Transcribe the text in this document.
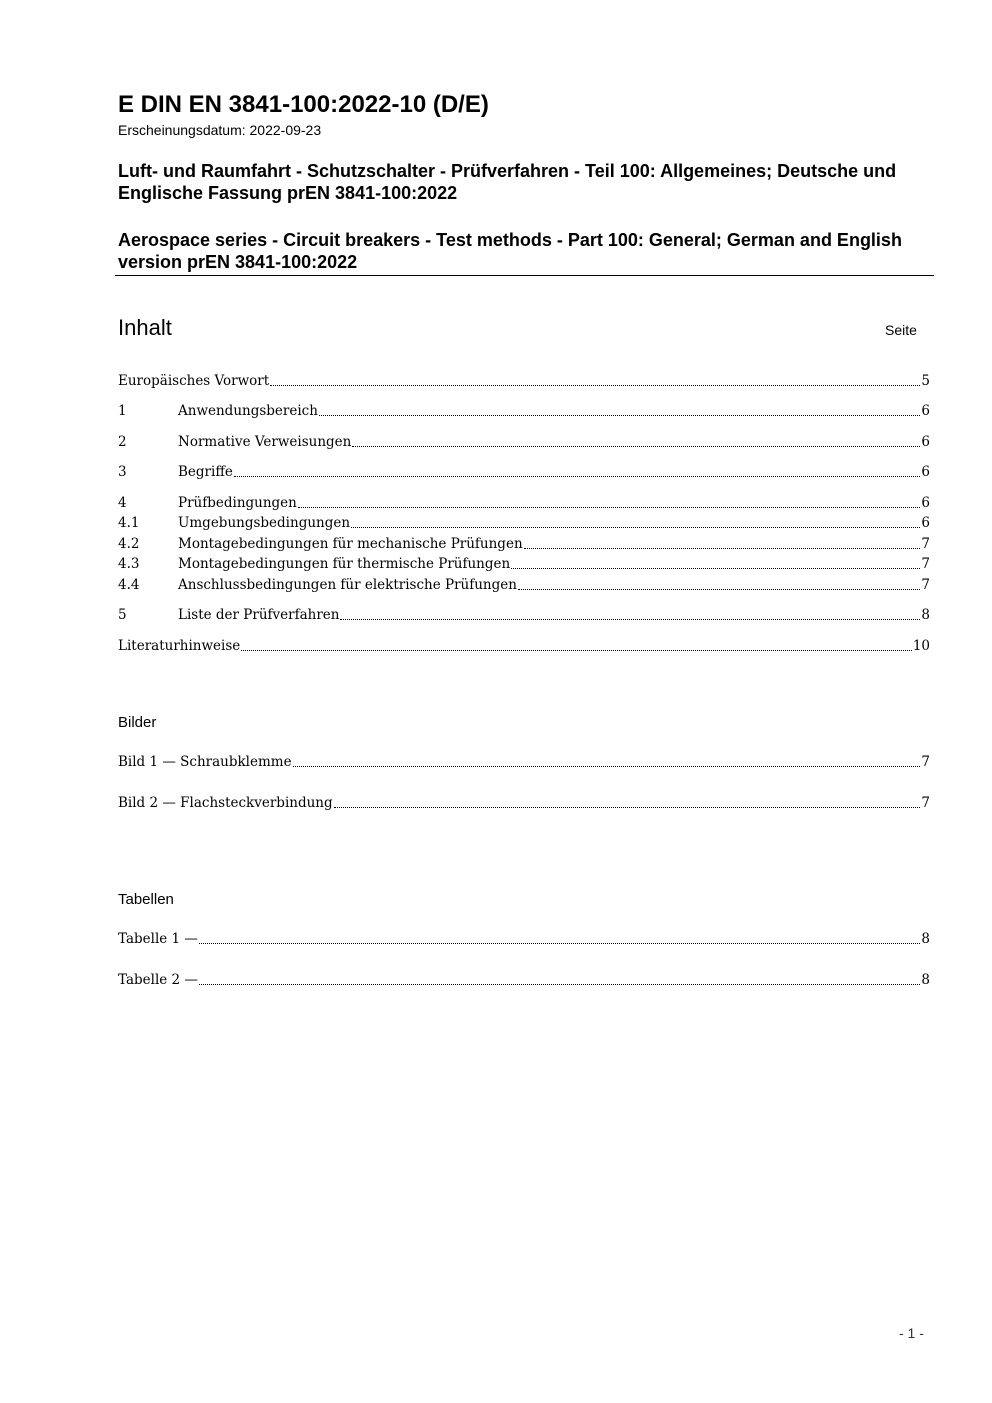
E DIN EN 3841-100:2022-10 (D/E)
Erscheinungsdatum: 2022-09-23
Luft- und Raumfahrt - Schutzschalter - Prüfverfahren - Teil 100: Allgemeines; Deutsche und Englische Fassung prEN 3841-100:2022
Aerospace series - Circuit breakers - Test methods - Part 100: General; German and English version prEN 3841-100:2022
Inhalt	Seite
Europäisches Vorwort	5
1	Anwendungsbereich	6
2	Normative Verweisungen	6
3	Begriffe	6
4	Prüfbedingungen	6
4.1	Umgebungsbedingungen	6
4.2	Montagebedingungen für mechanische Prüfungen	7
4.3	Montagebedingungen für thermische Prüfungen	7
4.4	Anschlussbedingungen für elektrische Prüfungen	7
5	Liste der Prüfverfahren	8
Literaturhinweise	10
Bilder
Bild 1 — Schraubklemme	7
Bild 2 — Flachsteckverbindung	7
Tabellen
Tabelle 1 —	8
Tabelle 2 —	8
- 1 -
